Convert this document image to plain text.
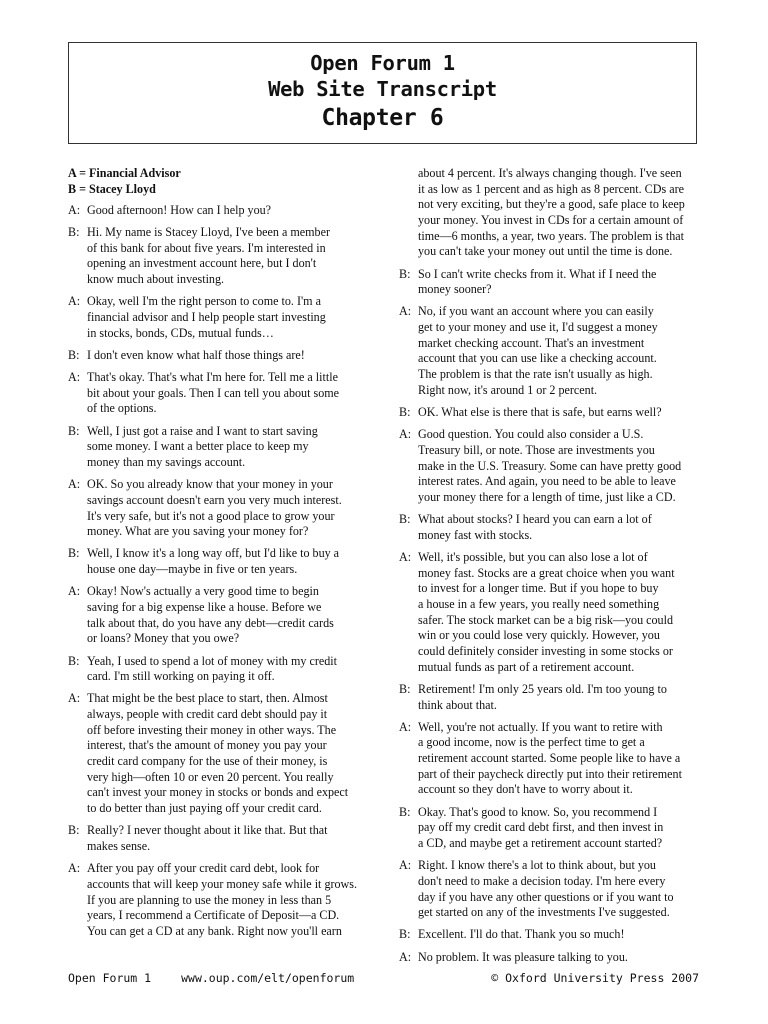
Open Forum 1
Web Site Transcript
Chapter 6
A = Financial Advisor
B = Stacey Lloyd
A: Good afternoon! How can I help you?
B: Hi. My name is Stacey Lloyd, I've been a member
of this bank for about five years. I'm interested in
opening an investment account here, but I don't
know much about investing.
A: Okay, well I'm the right person to come to. I'm a
financial advisor and I help people start investing
in stocks, bonds, CDs, mutual funds…
B: I don't even know what half those things are!
A: That's okay. That's what I'm here for. Tell me a little
bit about your goals. Then I can tell you about some
of the options.
B: Well, I just got a raise and I want to start saving
some money. I want a better place to keep my
money than my savings account.
A: OK. So you already know that your money in your
savings account doesn't earn you very much interest.
It's very safe, but it's not a good place to grow your
money. What are you saving your money for?
B: Well, I know it's a long way off, but I'd like to buy a
house one day—maybe in five or ten years.
A: Okay! Now's actually a very good time to begin
saving for a big expense like a house. Before we
talk about that, do you have any debt—credit cards
or loans? Money that you owe?
B: Yeah, I used to spend a lot of money with my credit
card. I'm still working on paying it off.
A: That might be the best place to start, then. Almost
always, people with credit card debt should pay it
off before investing their money in other ways. The
interest, that's the amount of money you pay your
credit card company for the use of their money, is
very high—often 10 or even 20 percent. You really
can't invest your money in stocks or bonds and expect
to do better than just paying off your credit card.
B: Really? I never thought about it like that. But that
makes sense.
A: After you pay off your credit card debt, look for
accounts that will keep your money safe while it grows.
If you are planning to use the money in less than 5
years, I recommend a Certificate of Deposit—a CD.
You can get a CD at any bank. Right now you'll earn
about 4 percent. It's always changing though. I've seen
it as low as 1 percent and as high as 8 percent. CDs are
not very exciting, but they're a good, safe place to keep
your money. You invest in CDs for a certain amount of
time—6 months, a year, two years. The problem is that
you can't take your money out until the time is done.
B: So I can't write checks from it. What if I need the
money sooner?
A: No, if you want an account where you can easily
get to your money and use it, I'd suggest a money
market checking account. That's an investment
account that you can use like a checking account.
The problem is that the rate isn't usually as high.
Right now, it's around 1 or 2 percent.
B: OK. What else is there that is safe, but earns well?
A: Good question. You could also consider a U.S.
Treasury bill, or note. Those are investments you
make in the U.S. Treasury. Some can have pretty good
interest rates. And again, you need to be able to leave
your money there for a length of time, just like a CD.
B: What about stocks? I heard you can earn a lot of
money fast with stocks.
A: Well, it's possible, but you can also lose a lot of
money fast. Stocks are a great choice when you want
to invest for a longer time. But if you hope to buy
a house in a few years, you really need something
safer. The stock market can be a big risk—you could
win or you could lose very quickly. However, you
could definitely consider investing in some stocks or
mutual funds as part of a retirement account.
B: Retirement! I'm only 25 years old. I'm too young to
think about that.
A: Well, you're not actually. If you want to retire with
a good income, now is the perfect time to get a
retirement account started. Some people like to have a
part of their paycheck directly put into their retirement
account so they don't have to worry about it.
B: Okay. That's good to know. So, you recommend I
pay off my credit card debt first, and then invest in
a CD, and maybe get a retirement account started?
A: Right. I know there's a lot to think about, but you
don't need to make a decision today. I'm here every
day if you have any other questions or if you want to
get started on any of the investments I've suggested.
B: Excellent. I'll do that. Thank you so much!
A: No problem. It was pleasure talking to you.
Open Forum 1	www.oup.com/elt/openforum	© Oxford University Press 2007
